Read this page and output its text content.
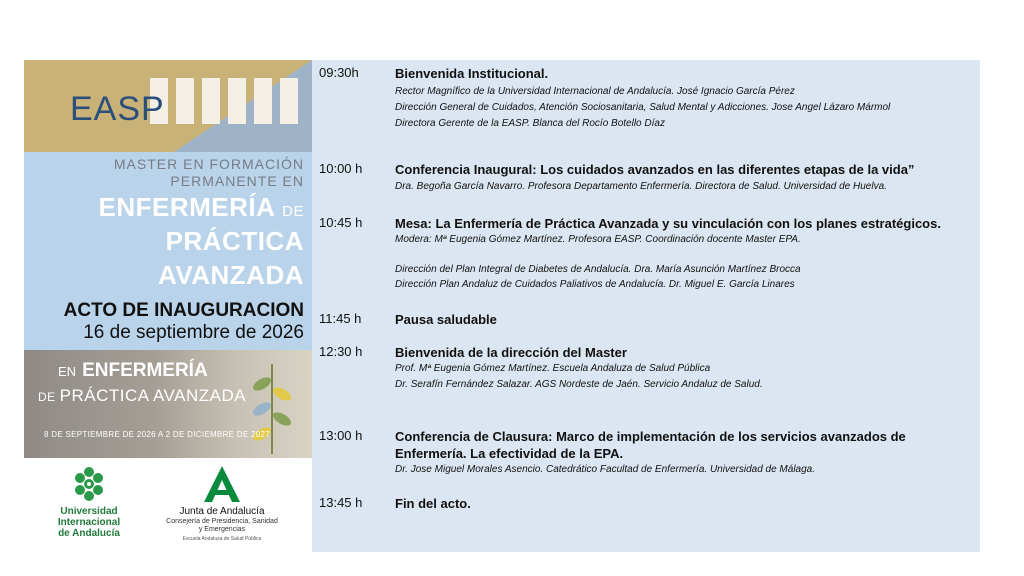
EASP
MASTER EN FORMACIÓN
PERMANENTE EN
ENFERMERÍA DE
PRÁCTICA
AVANZADA
ACTO DE INAUGURACION
16 de septiembre de 2026
EN ENFERMERÍA
DE PRÁCTICA AVANZADA
8 DE SEPTIEMBRE DE 2026 A 2 DE DICIEMBRE DE 2027
Universidad
Internacional
de Andalucía
Junta de Andalucía
Consejería de Presidencia, Sanidad
y Emergencias
Escuela Andaluza de Salud Pública
09:30h	Bienvenida Institucional.
Rector Magnífico de la Universidad Internacional de Andalucía. José Ignacio García Pérez
Dirección General de Cuidados, Atención Sociosanitaria, Salud Mental y Adicciones. Jose Angel Lázaro Mármol
Directora Gerente de la EASP. Blanca del Rocío Botello Díaz
10:00 h	Conferencia Inaugural: Los cuidados avanzados en las diferentes etapas de la vida”
Dra. Begoña García Navarro. Profesora Departamento Enfermería. Directora de Salud. Universidad de Huelva.
10:45 h	Mesa: La Enfermería de Práctica Avanzada y su vinculación con los planes estratégicos.
Modera: Mª Eugenia Gómez Martínez. Profesora EASP. Coordinación docente Master EPA.
Dirección del Plan Integral de Diabetes de Andalucía. Dra. María Asunción Martínez Brocca
Dirección Plan Andaluz de Cuidados Paliativos de Andalucía. Dr. Miguel E. García Linares
11:45 h	Pausa saludable
12:30 h	Bienvenida de la dirección del Master
Prof. Mª Eugenia Gómez Martínez. Escuela Andaluza de Salud Pública
Dr. Serafín Fernández Salazar. AGS Nordeste de Jaén. Servicio Andaluz de Salud.
13:00 h	Conferencia de Clausura: Marco de implementación de los servicios avanzados de Enfermería. La efectividad de la EPA.
Dr. Jose Miguel Morales Asencio. Catedrático Facultad de Enfermería. Universidad de Málaga.
13:45 h	Fin del acto.
